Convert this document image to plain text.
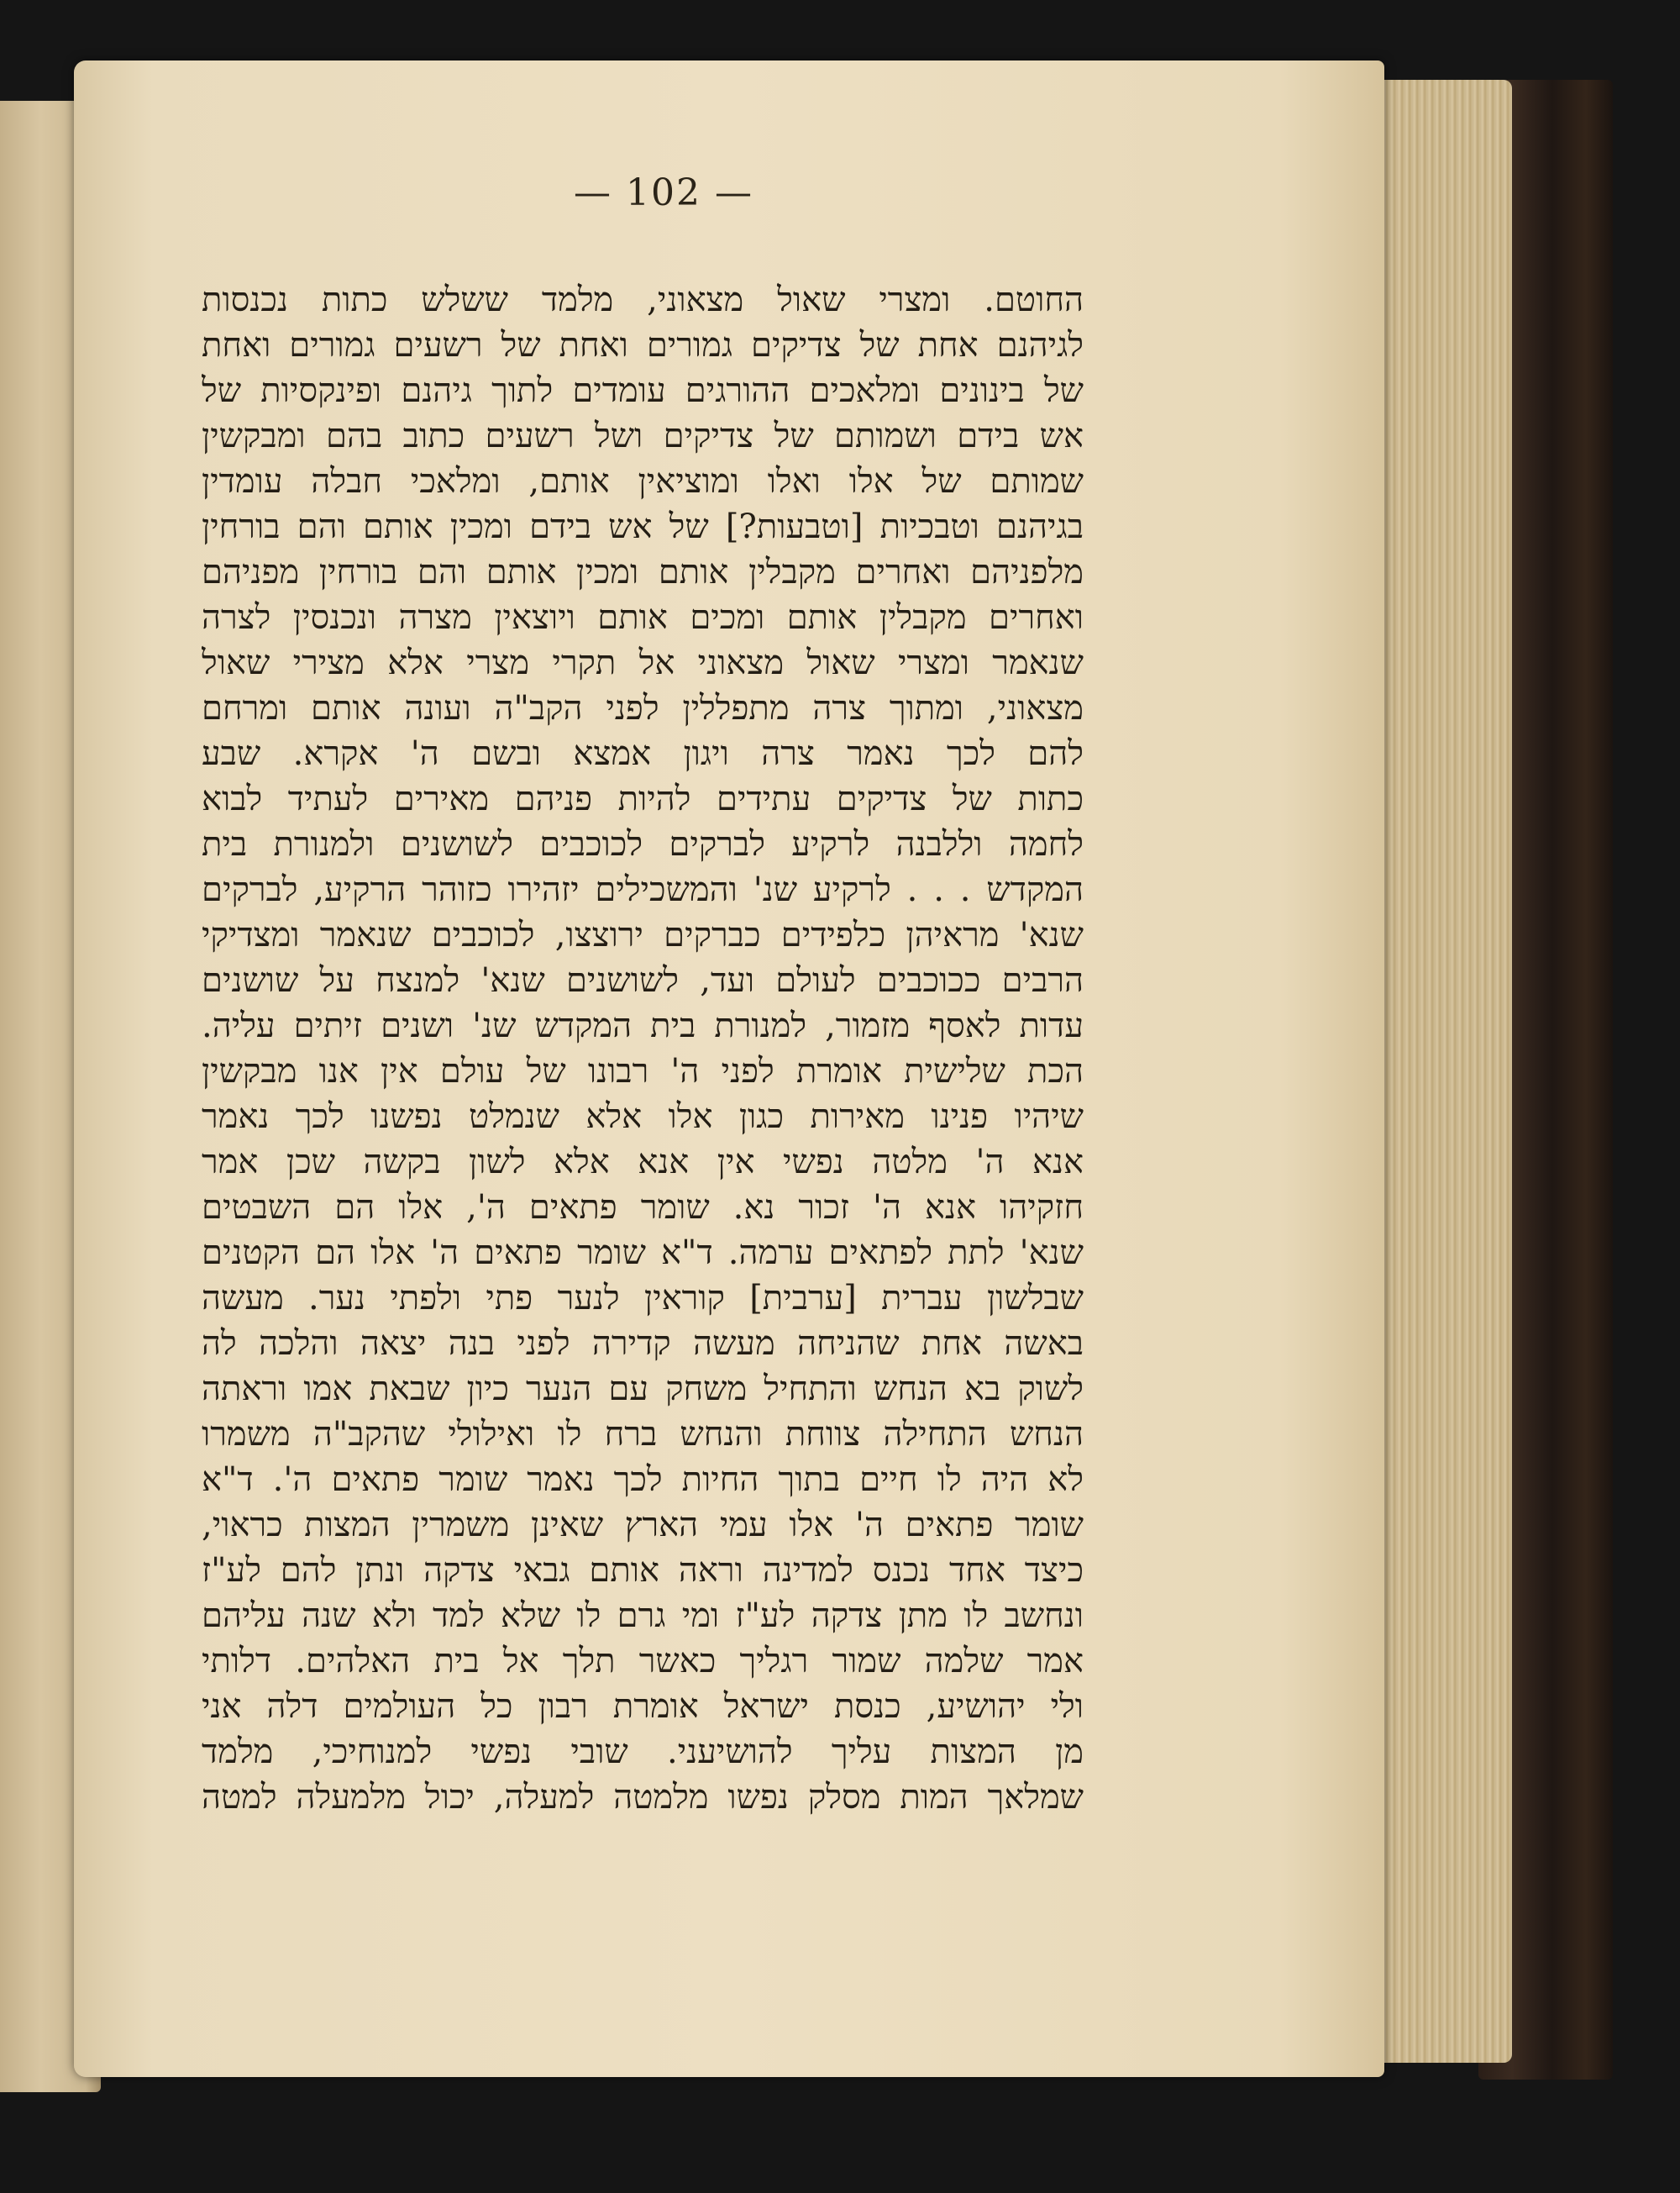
— 102 —
החוטם. ומצרי שאול מצאוני, מלמד ששלש כתות נכנסות
לגיהנם אחת של צדיקים גמורים ואחת של רשעים גמורים ואחת
של בינונים ומלאכים ההורגים עומדים לתוך גיהנם ופינקסיות של
אש בידם ושמותם של צדיקים ושל רשעים כתוב בהם ומבקשין
שמותם של אלו ואלו ומוציאין אותם, ומלאכי חבלה עומדין
בגיהנם וטבכיות [וטבעות?] של אש בידם ומכין אותם והם בורחין
מלפניהם ואחרים מקבלין אותם ומכין אותם והם בורחין מפניהם
ואחרים מקבלין אותם ומכים אותם ויוצאין מצרה ונכנסין לצרה
שנאמר ומצרי שאול מצאוני אל תקרי מצרי אלא מצירי שאול
מצאוני, ומתוך צרה מתפללין לפני הקב"ה ועונה אותם ומרחם
להם לכך נאמר צרה ויגון אמצא ובשם ה' אקרא. שבע
כתות של צדיקים עתידים להיות פניהם מאירים לעתיד לבוא
לחמה וללבנה לרקיע לברקים לכוכבים לשושנים ולמנורת בית
המקדש . . . לרקיע שנ' והמשכילים יזהירו כזוהר הרקיע, לברקים
שנא' מראיהן כלפידים כברקים ירוצצו, לכוכבים שנאמר ומצדיקי
הרבים ככוכבים לעולם ועד, לשושנים שנא' למנצח על שושנים
עדות לאסף מזמור, למנורת בית המקדש שנ' ושנים זיתים עליה.
הכת שלישית אומרת לפני ה' רבונו של עולם אין אנו מבקשין
שיהיו פנינו מאירות כגון אלו אלא שנמלט נפשנו לכך נאמר
אנא ה' מלטה נפשי אין אנא אלא לשון בקשה שכן אמר
חזקיהו אנא ה' זכור נא. שומר פתאים ה', אלו הם השבטים
שנא' לתת לפתאים ערמה. ד"א שומר פתאים ה' אלו הם הקטנים
שבלשון עברית [ערבית] קוראין לנער פתי ולפתי נער. מעשה
באשה אחת שהניחה מעשה קדירה לפני בנה יצאה והלכה לה
לשוק בא הנחש והתחיל משחק עם הנער כיון שבאת אמו וראתה
הנחש התחילה צווחת והנחש ברח לו ואילולי שהקב"ה משמרו
לא היה לו חיים בתוך החיות לכך נאמר שומר פתאים ה'. ד"א
שומר פתאים ה' אלו עמי הארץ שאינן משמרין המצות כראוי,
כיצד אחד נכנס למדינה וראה אותם גבאי צדקה ונתן להם לע"ז
ונחשב לו מתן צדקה לע"ז ומי גרם לו שלא למד ולא שנה עליהם
אמר שלמה שמור רגליך כאשר תלך אל בית האלהים. דלותי
ולי יהושיע, כנסת ישראל אומרת רבון כל העולמים דלה אני
מן המצות עליך להושיעני. שובי נפשי למנוחיכי, מלמד
שמלאך המות מסלק נפשו מלמטה למעלה, יכול מלמעלה למטה
